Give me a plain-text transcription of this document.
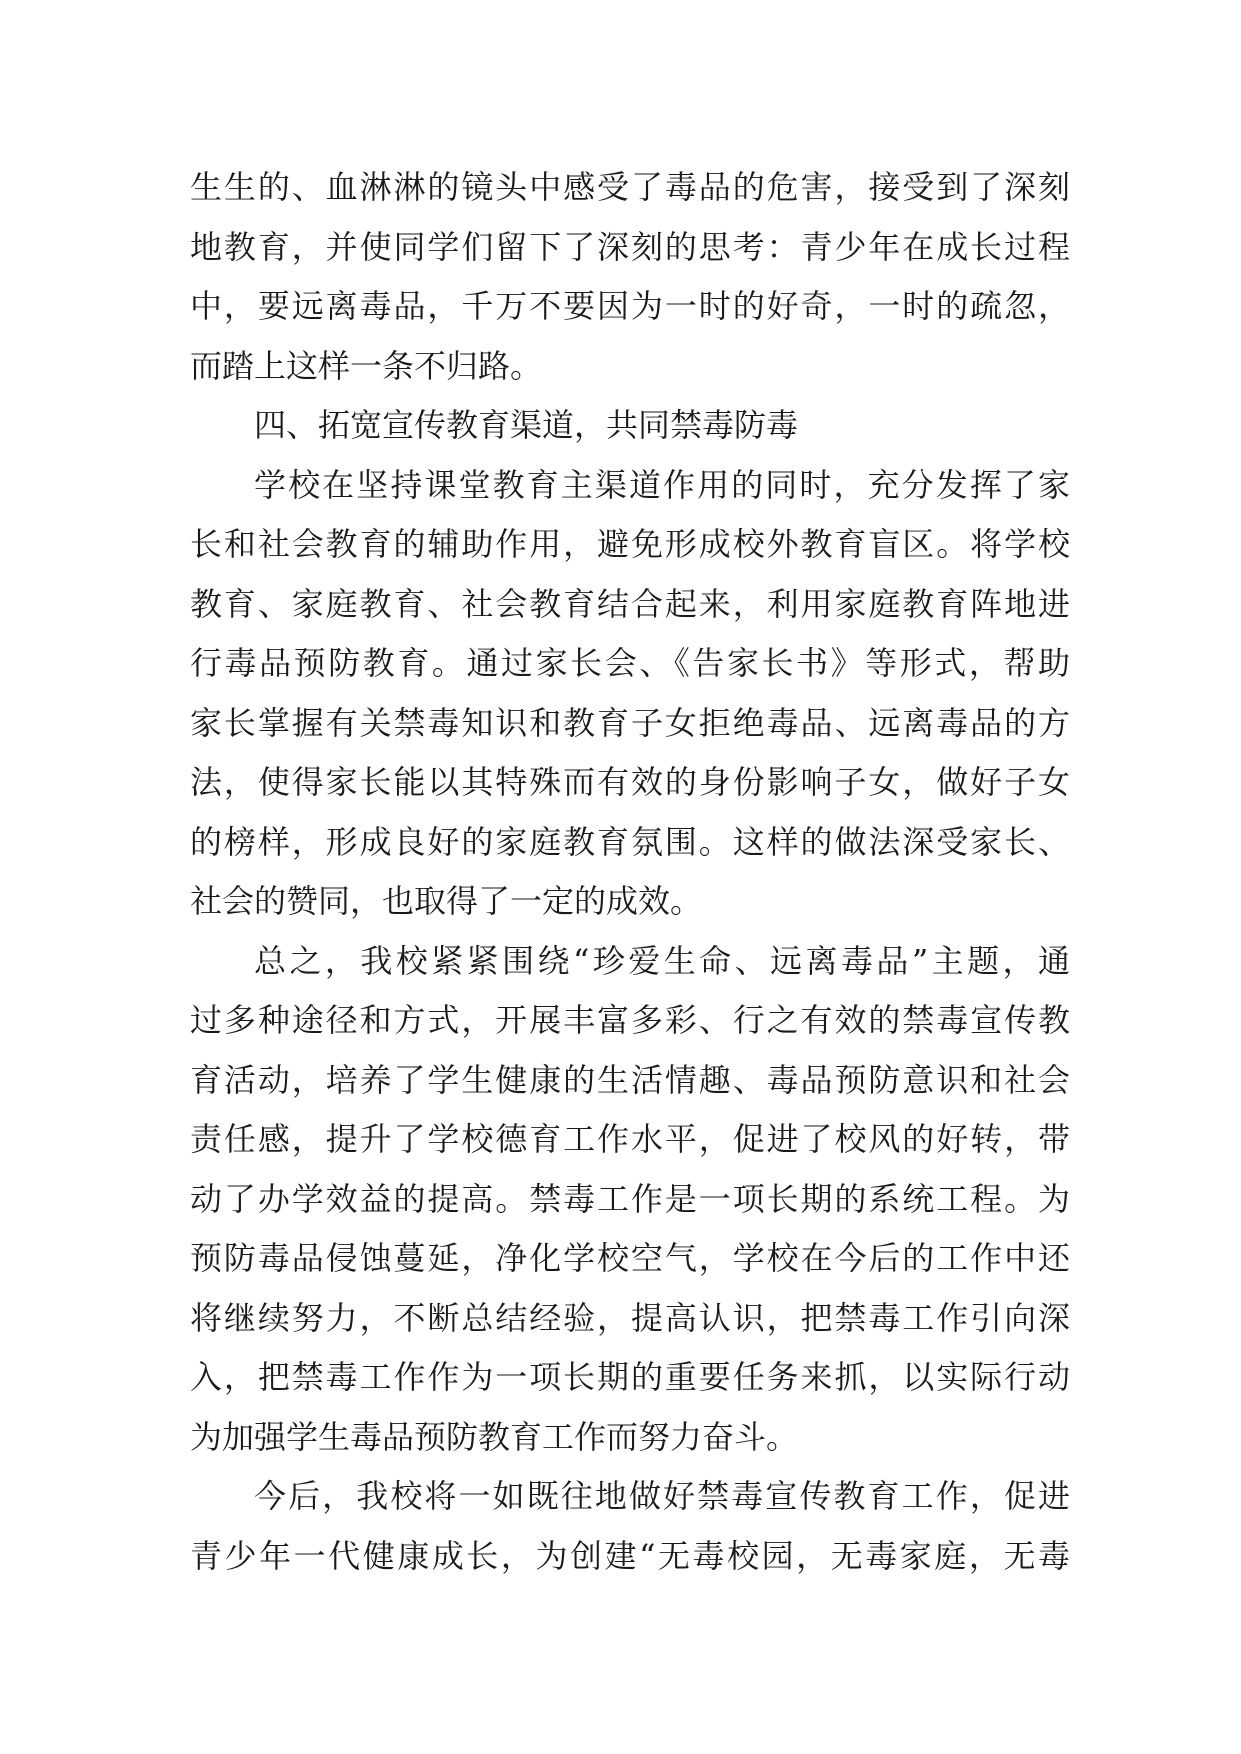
生生的、血淋淋的镜头中感受了毒品的危害，接受到了深刻
地教育，并使同学们留下了深刻的思考：青少年在成长过程
中，要远离毒品，千万不要因为一时的好奇，一时的疏忽，
而踏上这样一条不归路。
四、拓宽宣传教育渠道，共同禁毒防毒
学校在坚持课堂教育主渠道作用的同时，充分发挥了家
长和社会教育的辅助作用，避免形成校外教育盲区。将学校
教育、家庭教育、社会教育结合起来，利用家庭教育阵地进
行毒品预防教育。通过家长会、《告家长书》等形式，帮助
家长掌握有关禁毒知识和教育子女拒绝毒品、远离毒品的方
法，使得家长能以其特殊而有效的身份影响子女，做好子女
的榜样，形成良好的家庭教育氛围。这样的做法深受家长、
社会的赞同，也取得了一定的成效。
总之，我校紧紧围绕“珍爱生命、远离毒品”主题，通
过多种途径和方式，开展丰富多彩、行之有效的禁毒宣传教
育活动，培养了学生健康的生活情趣、毒品预防意识和社会
责任感，提升了学校德育工作水平，促进了校风的好转，带
动了办学效益的提高。禁毒工作是一项长期的系统工程。为
预防毒品侵蚀蔓延，净化学校空气，学校在今后的工作中还
将继续努力，不断总结经验，提高认识，把禁毒工作引向深
入，把禁毒工作作为一项长期的重要任务来抓，以实际行动
为加强学生毒品预防教育工作而努力奋斗。
今后，我校将一如既往地做好禁毒宣传教育工作，促进
青少年一代健康成长，为创建“无毒校园，无毒家庭，无毒
